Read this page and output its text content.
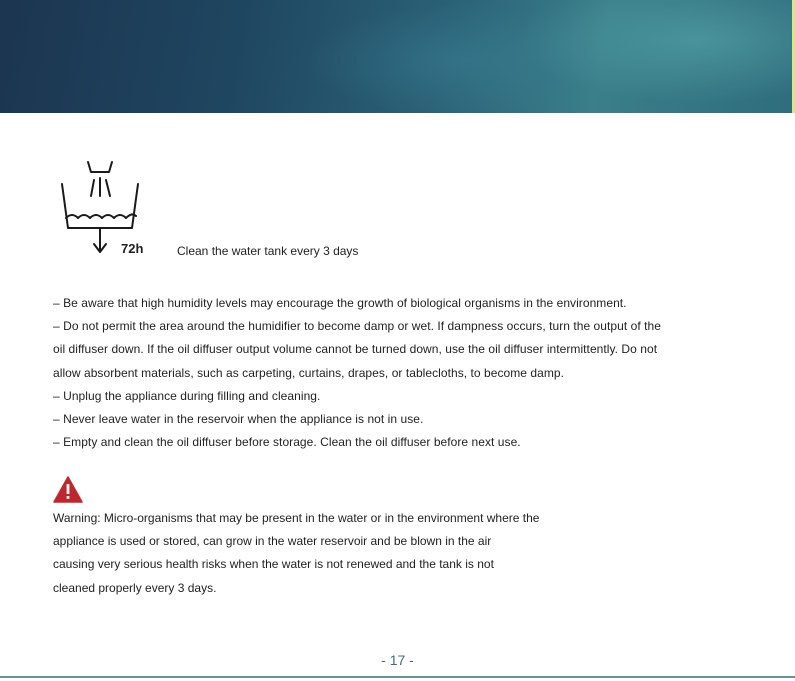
72h	Clean the water tank every 3 days

– Be aware that high humidity levels may encourage the growth of biological organisms in the environment.

– Do not permit the area around the humidifier to become damp or wet. If dampness occurs, turn the output of the

oil diffuser down. If the oil diffuser output volume cannot be turned down, use the oil diffuser intermittently. Do not

allow absorbent materials, such as carpeting, curtains, drapes, or tablecloths, to become damp.

– Unplug the appliance during filling and cleaning.

– Never leave water in the reservoir when the appliance is not in use.

– Empty and clean the oil diffuser before storage. Clean the oil diffuser before next use.

Warning: Micro-organisms that may be present in the water or in the environment where the

appliance is used or stored, can grow in the water reservoir and be blown in the air

causing very serious health risks when the water is not renewed and the tank is not

cleaned properly every 3 days.

- 17 -
